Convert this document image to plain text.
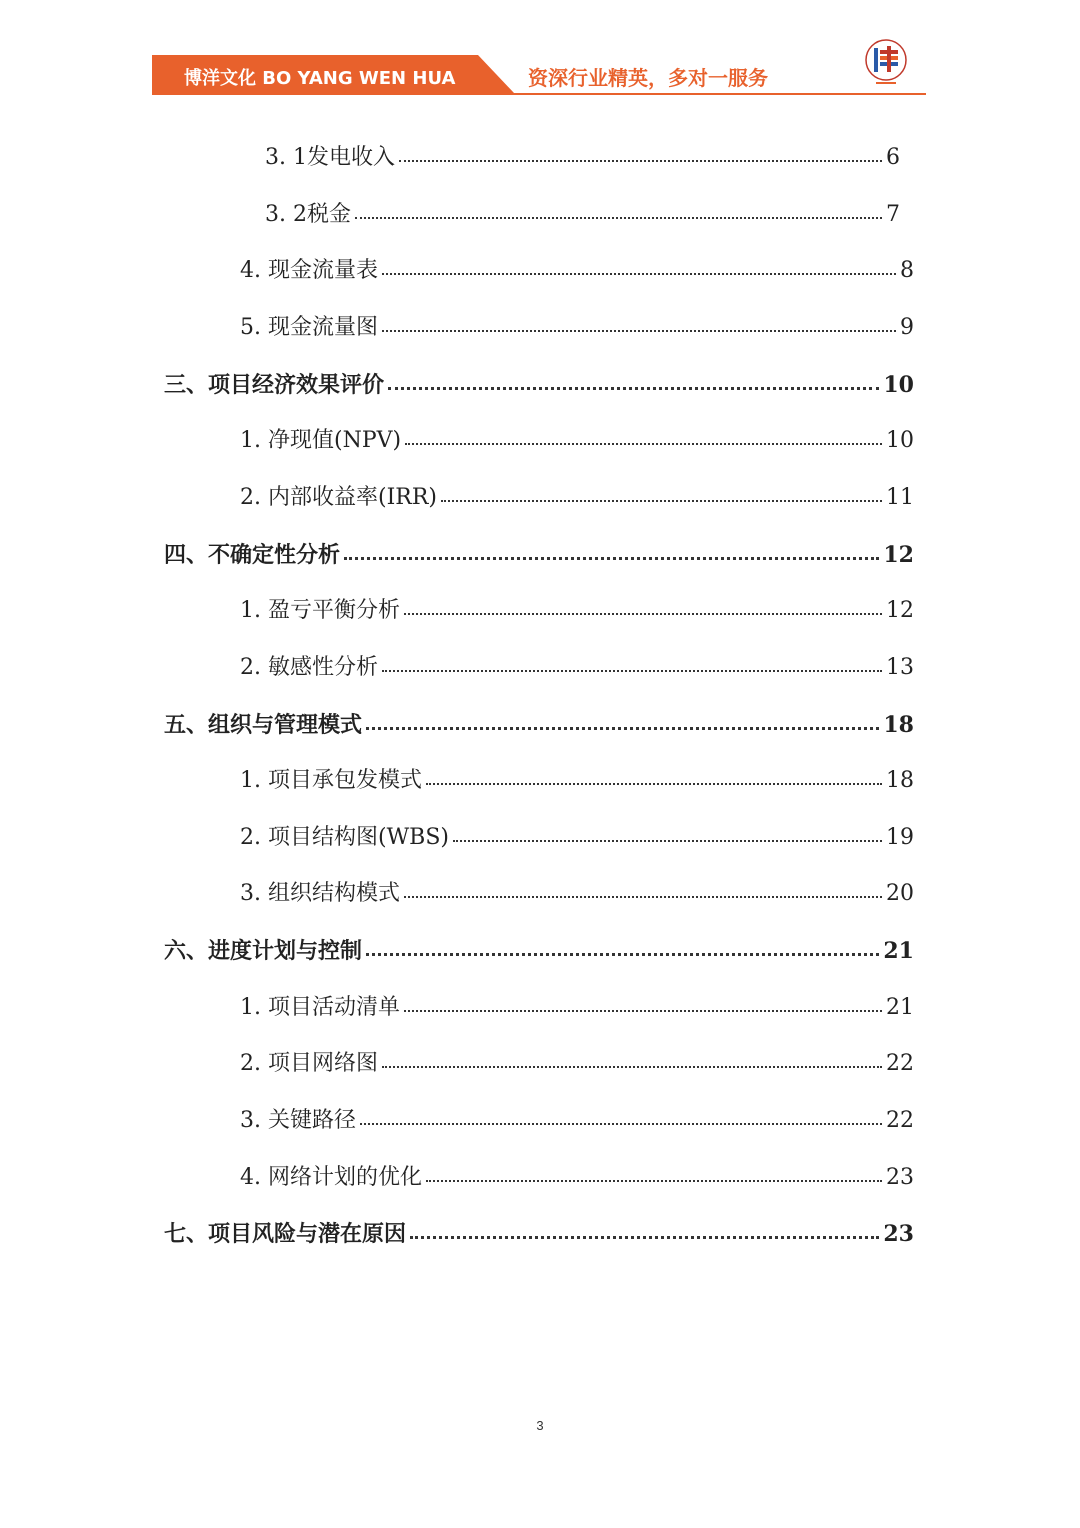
博洋文化 BO YANG WEN HUA	资深行业精英，多对一服务
3. 1发电收入	6
3. 2税金	7
4. 现金流量表	8
5. 现金流量图	9
三、项目经济效果评价	10
1. 净现值(NPV)	10
2. 内部收益率(IRR)	11
四、不确定性分析	12
1. 盈亏平衡分析	12
2. 敏感性分析	13
五、组织与管理模式	18
1. 项目承包发模式	18
2. 项目结构图(WBS)	19
3. 组织结构模式	20
六、进度计划与控制	21
1. 项目活动清单	21
2. 项目网络图	22
3. 关键路径	22
4. 网络计划的优化	23
七、项目风险与潜在原因	23
3
